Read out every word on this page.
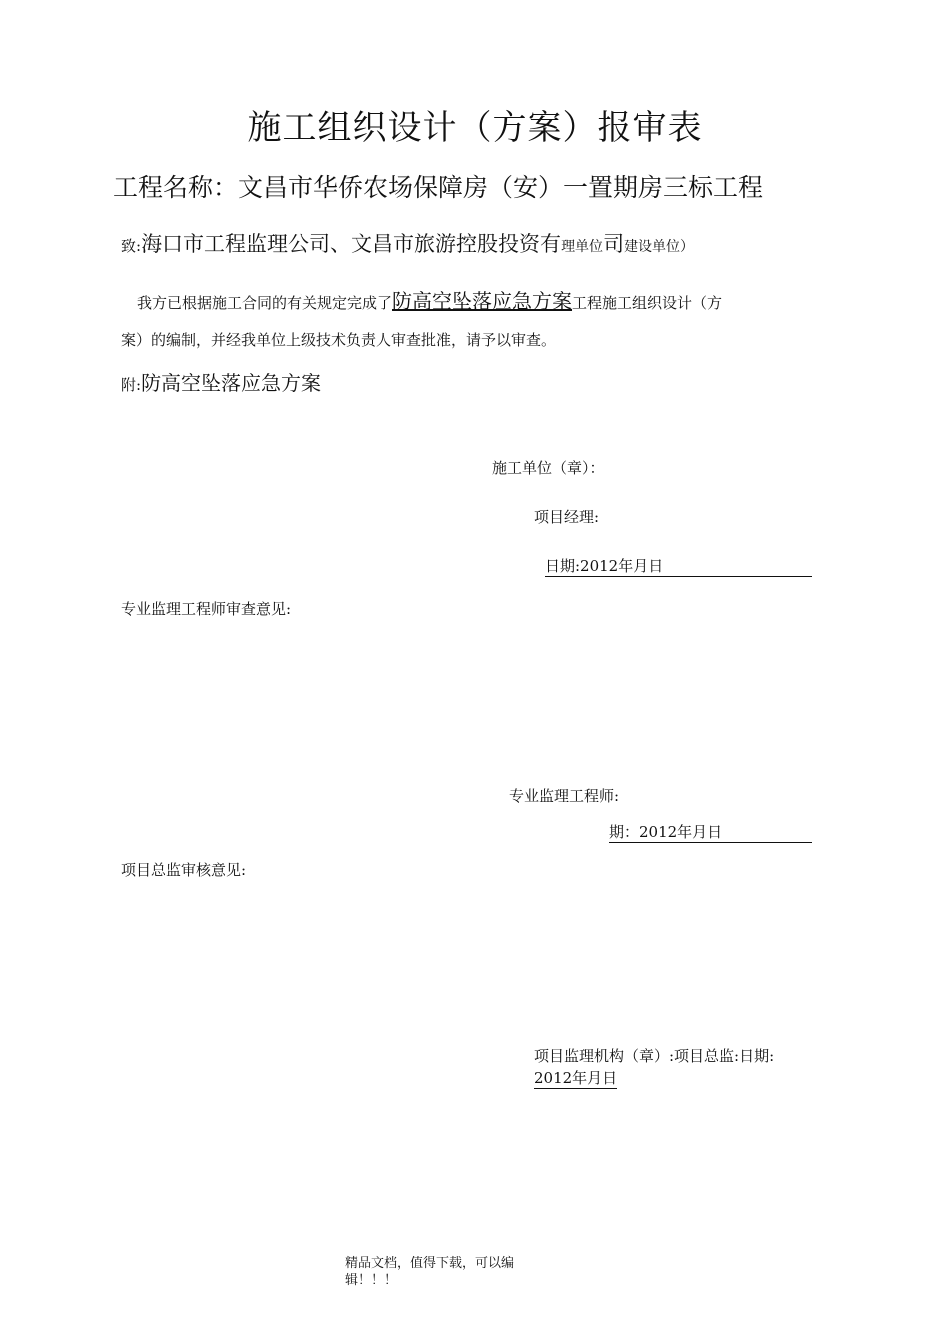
施工组织设计（方案）报审表
工程名称：文昌市华侨农场保障房（安）一置期房三标工程
致:海口市工程监理公司、文昌市旅游控股投资有理单位司建设单位）
我方已根据施工合同的有关规定完成了防高空坠落应急方案工程施工组织设计（方
案）的编制，并经我单位上级技术负责人审查批准，请予以审查。
附:防高空坠落应急方案
施工单位（章）：
项目经理:
日期:2012年月日
专业监理工程师审查意见:
专业监理工程师:
期：2012年月日
项目总监审核意见:
项目监理机构（章）:项目总监:日期:
2012年月日
精品文档，值得下载，可以编辑！！！
